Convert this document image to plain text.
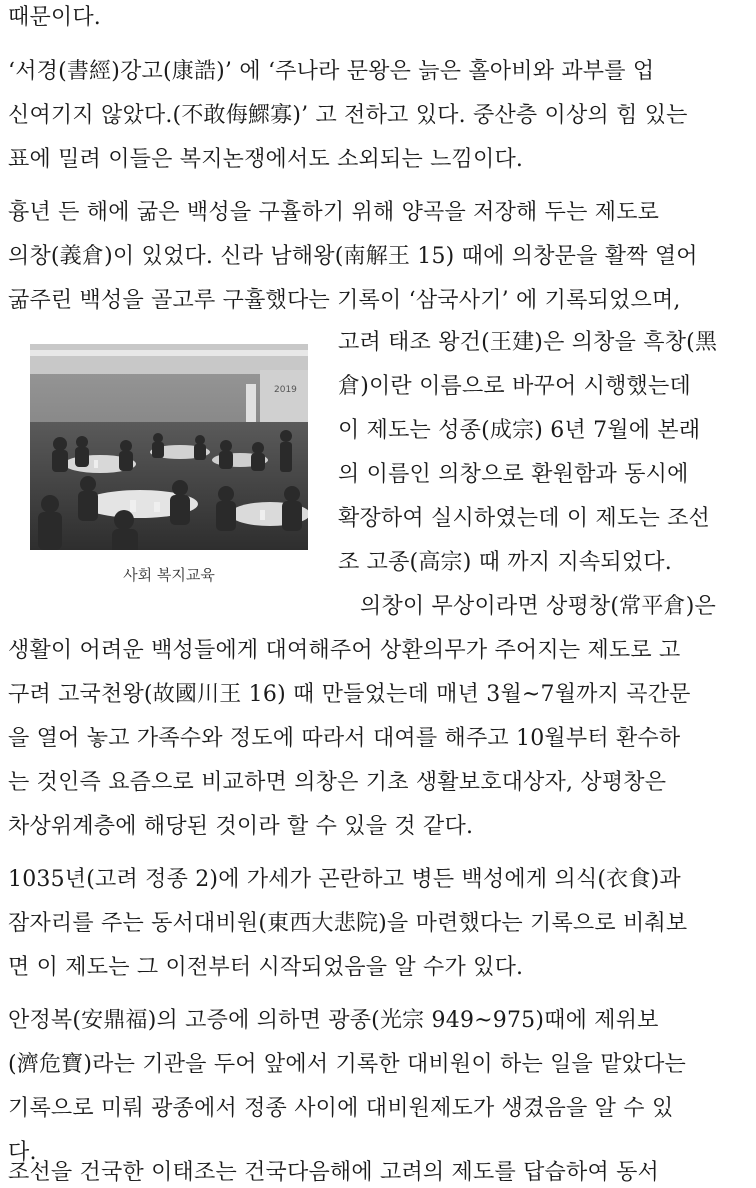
때문이다.
‘서경(書經)강고(康誥)’ 에 ‘주나라 문왕은 늙은 홀아비와 과부를 업
신여기지 않았다.(不敢侮鰥寡)’ 고 전하고 있다. 중산층 이상의 힘 있는
표에 밀려 이들은 복지논쟁에서도 소외되는 느낌이다.
흉년 든 해에 굶은 백성을 구휼하기 위해 양곡을 저장해 두는 제도로
의창(義倉)이 있었다. 신라 남해왕(南解王 15) 때에 의창문을 활짝 열어
굶주린 백성을 골고루 구휼했다는 기록이 ‘삼국사기’ 에 기록되었으며,
고려 태조 왕건(王建)은 의창을 흑창(黑
倉)이란 이름으로 바꾸어 시행했는데
이 제도는 성종(成宗) 6년 7월에 본래
의 이름인 의창으로 환원함과 동시에
확장하여 실시하였는데 이 제도는 조선
조 고종(高宗) 때 까지 지속되었다.
의창이 무상이라면 상평창(常平倉)은
생활이 어려운 백성들에게 대여해주어 상환의무가 주어지는 제도로 고
구려 고국천왕(故國川王 16) 때 만들었는데 매년 3월~7월까지 곡간문
을 열어 놓고 가족수와 정도에 따라서 대여를 해주고 10월부터 환수하
는 것인즉 요즘으로 비교하면 의창은 기초 생활보호대상자, 상평창은
차상위계층에 해당된 것이라 할 수 있을 것 같다.
1035년(고려 정종 2)에 가세가 곤란하고 병든 백성에게 의식(衣食)과
잠자리를 주는 동서대비원(東西大悲院)을 마련했다는 기록으로 비춰보
면 이 제도는 그 이전부터 시작되었음을 알 수가 있다.
안정복(安鼎福)의 고증에 의하면 광종(光宗 949~975)때에 제위보
(濟危寶)라는 기관을 두어 앞에서 기록한 대비원이 하는 일을 맡았다는
기록으로 미뤄 광종에서 정종 사이에 대비원제도가 생겼음을 알 수 있
다.
조선을 건국한 이태조는 건국다음해에 고려의 제도를 답습하여 동서
2019
사회 복지교육
